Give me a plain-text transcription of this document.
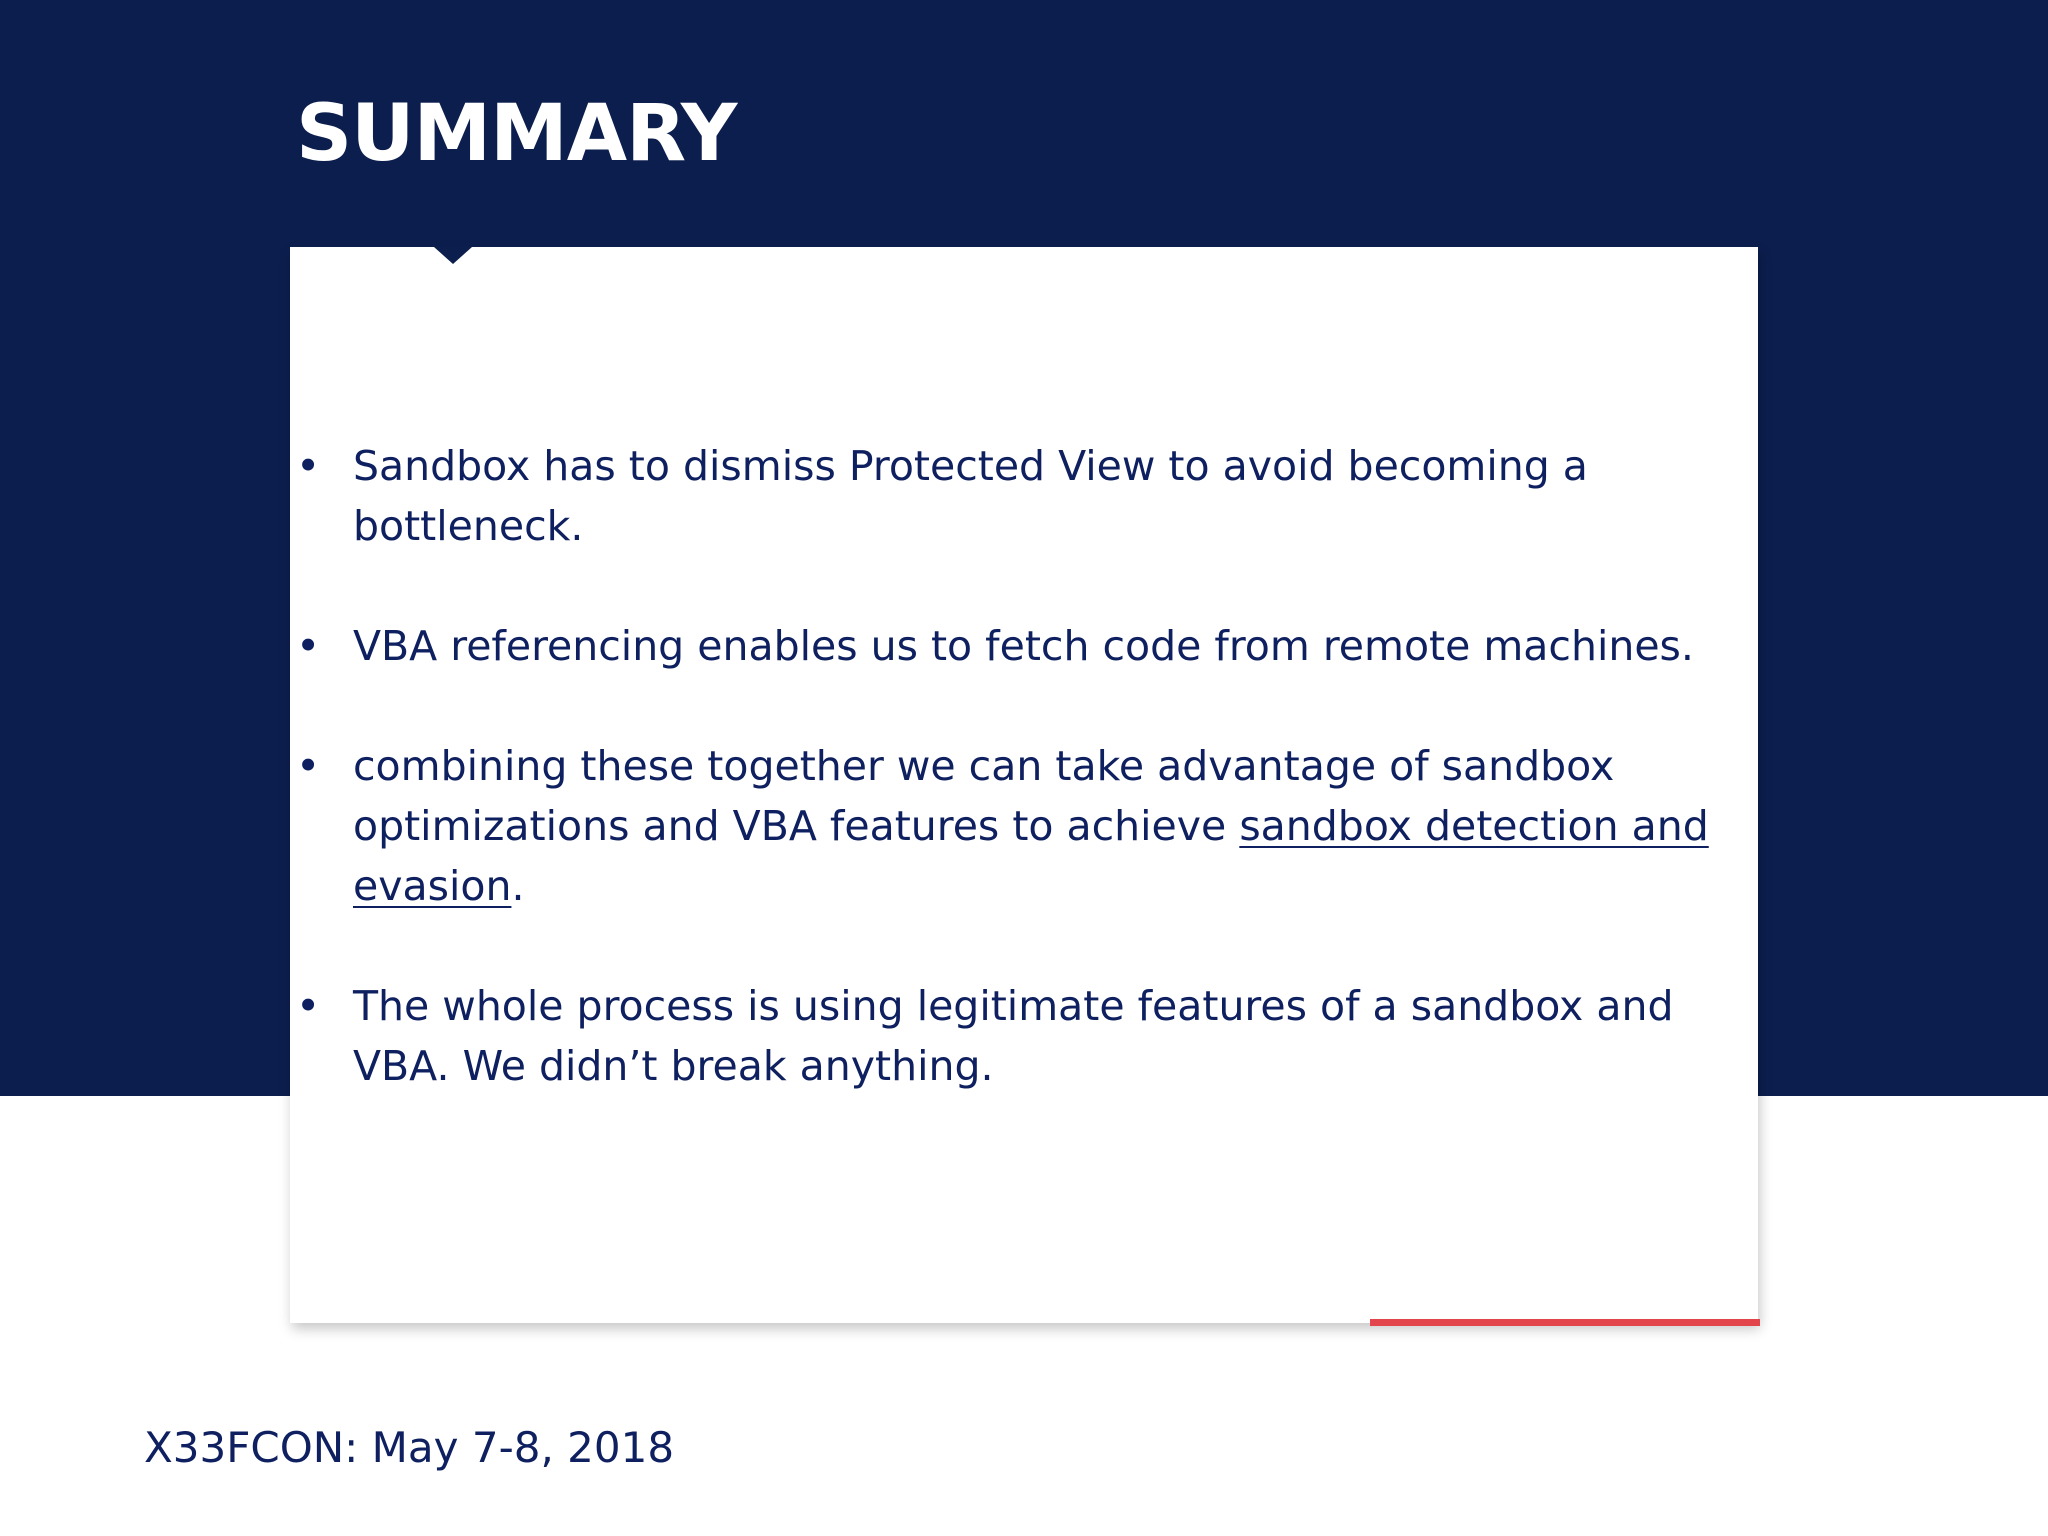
SUMMARY
• Sandbox has to dismiss Protected View to avoid becoming a bottleneck.
• VBA referencing enables us to fetch code from remote machines.
• combining these together we can take advantage of sandbox optimizations and VBA features to achieve sandbox detection and evasion.
• The whole process is using legitimate features of a sandbox and VBA. We didn’t break anything.

X33FCON: May 7-8, 2018
